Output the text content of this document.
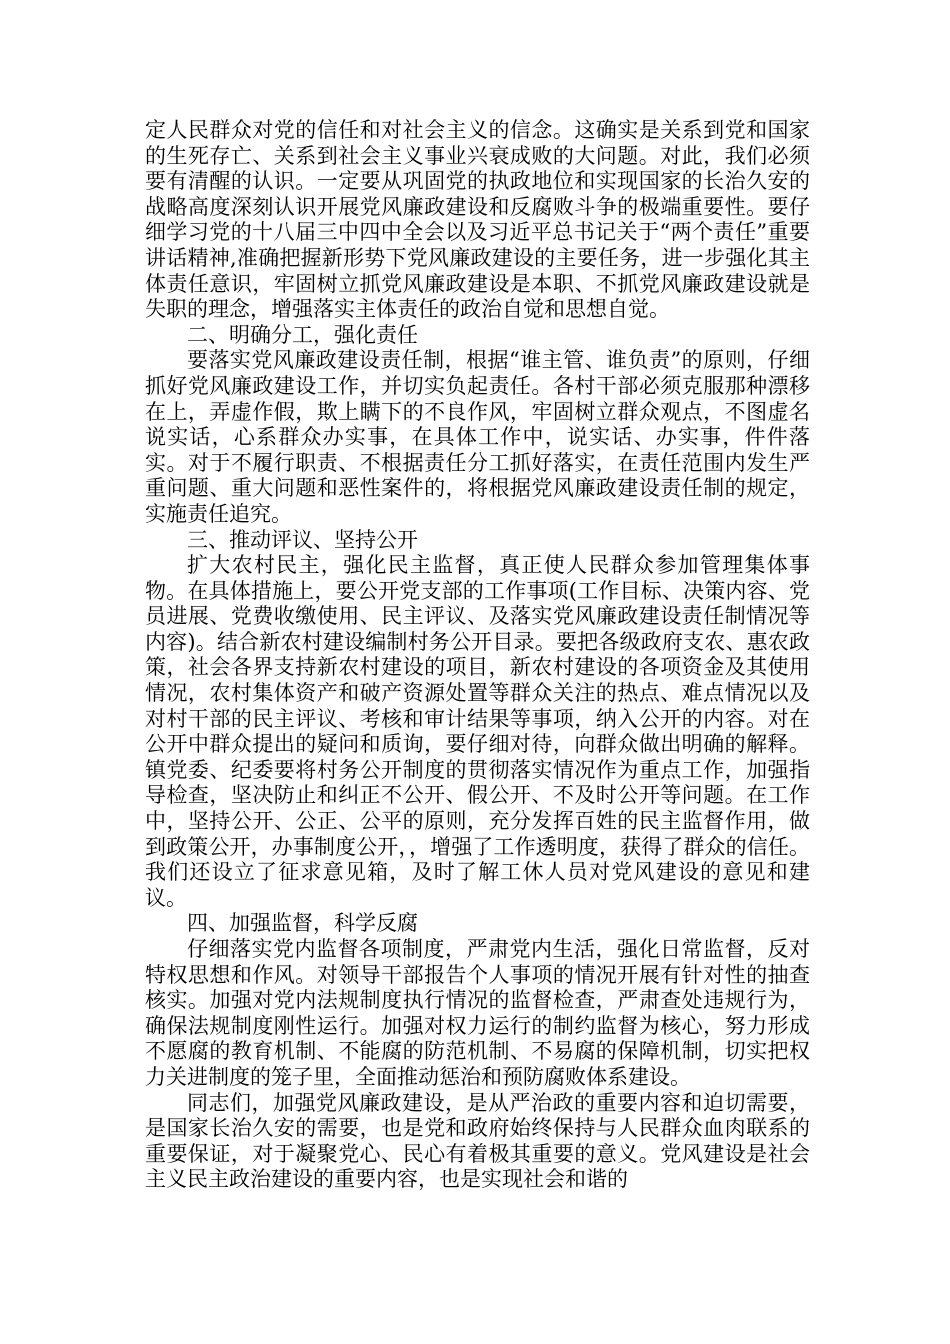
定人民群众对党的信任和对社会主义的信念。这确实是关系到党和国家的生死存亡、关系到社会主义事业兴衰成败的大问题。对此，我们必须要有清醒的认识。一定要从巩固党的执政地位和实现国家的长治久安的战略高度深刻认识开展党风廉政建设和反腐败斗争的极端重要性。要仔细学习党的十八届三中四中全会以及习近平总书记关于“两个责任”重要讲话精神,准确把握新形势下党风廉政建设的主要任务，进一步强化其主体责任意识，牢固树立抓党风廉政建设是本职、不抓党风廉政建设就是失职的理念，增强落实主体责任的政治自觉和思想自觉。

二、明确分工，强化责任

要落实党风廉政建设责任制，根据“谁主管、谁负责”的原则，仔细抓好党风廉政建设工作，并切实负起责任。各村干部必须克服那种漂移在上，弄虚作假，欺上瞒下的不良作风，牢固树立群众观点，不图虚名说实话，心系群众办实事，在具体工作中，说实话、办实事，件件落实。对于不履行职责、不根据责任分工抓好落实，在责任范围内发生严重问题、重大问题和恶性案件的，将根据党风廉政建设责任制的规定，实施责任追究。

三、推动评议、坚持公开

扩大农村民主，强化民主监督，真正使人民群众参加管理集体事物。在具体措施上，要公开党支部的工作事项(工作目标、决策内容、党员进展、党费收缴使用、民主评议、及落实党风廉政建设责任制情况等内容)。结合新农村建设编制村务公开目录。要把各级政府支农、惠农政策，社会各界支持新农村建设的项目，新农村建设的各项资金及其使用情况，农村集体资产和破产资源处置等群众关注的热点、难点情况以及对村干部的民主评议、考核和审计结果等事项，纳入公开的内容。对在公开中群众提出的疑问和质询，要仔细对待，向群众做出明确的解释。镇党委、纪委要将村务公开制度的贯彻落实情况作为重点工作，加强指导检查，坚决防止和纠正不公开、假公开、不及时公开等问题。在工作中，坚持公开、公正、公平的原则，充分发挥百姓的民主监督作用，做到政策公开，办事制度公开，，增强了工作透明度，获得了群众的信任。我们还设立了征求意见箱，及时了解工休人员对党风建设的意见和建议。

四、加强监督，科学反腐

仔细落实党内监督各项制度，严肃党内生活，强化日常监督，反对特权思想和作风。对领导干部报告个人事项的情况开展有针对性的抽查核实。加强对党内法规制度执行情况的监督检查，严肃查处违规行为，确保法规制度刚性运行。加强对权力运行的制约监督为核心，努力形成不愿腐的教育机制、不能腐的防范机制、不易腐的保障机制，切实把权力关进制度的笼子里，全面推动惩治和预防腐败体系建设。

同志们，加强党风廉政建设，是从严治政的重要内容和迫切需要，是国家长治久安的需要，也是党和政府始终保持与人民群众血肉联系的重要保证，对于凝聚党心、民心有着极其重要的意义。党风建设是社会主义民主政治建设的重要内容，也是实现社会和谐的
